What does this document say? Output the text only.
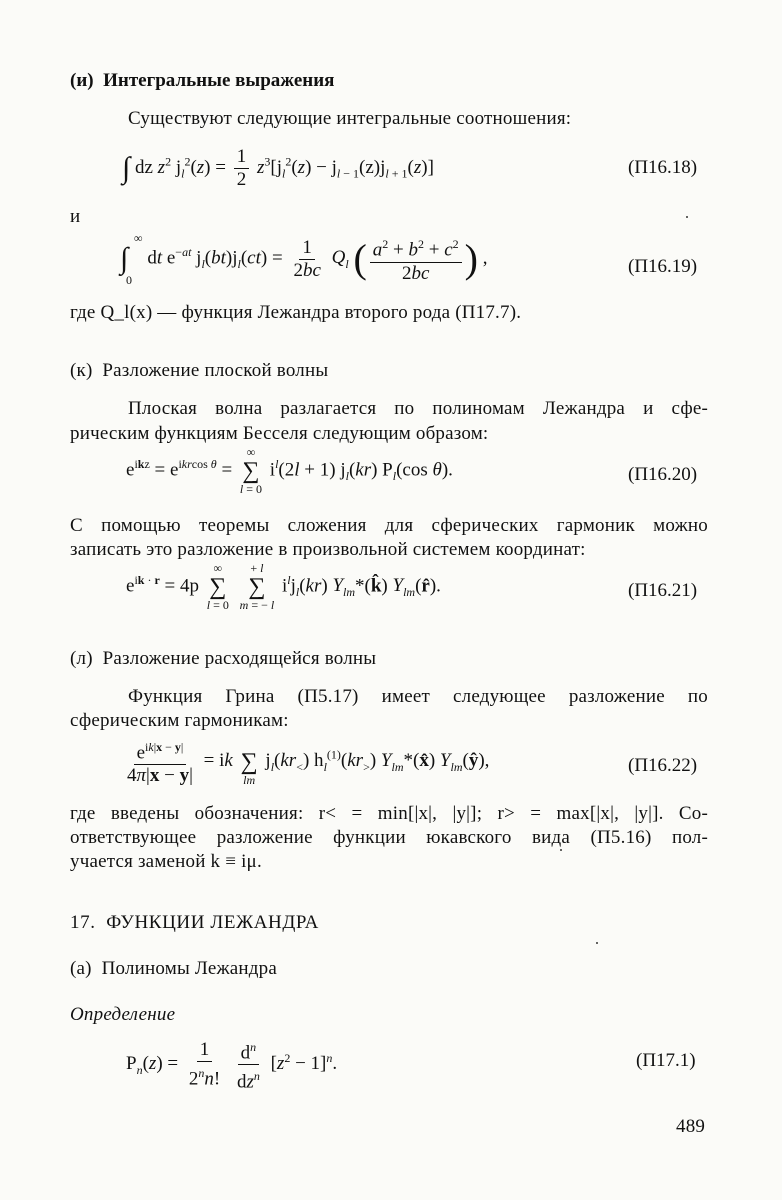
(и) Интегральные выражения
Существуют следующие интегральные соотношения:
∫ dz $z^2$ $j_l^2(z) = \frac{1}{2} z^3[j_l^2(z) - j_{l - 1}(z)j_{l + 1}(z)]$	(П16.18)
и
∞
∫
0
dt $e^{-at}$ $j_l(bt)j_l(ct) = \frac{1}{2bc} Q_l$ ( $\frac{a^2 + b^2 + c^2}{2bc}$ ) ,	(П16.19)
где Q_l(x) — функция Лежандра второго рода (П17.7).
(к) Разложение плоской волны
Плоская волна разлагается по полиномам Лежандра и сфе-
рическим функциям Бесселя следующим образом:
$e^{ikz} = e^{ikrcos \theta}$ =
∞
∑
l = 0
$i^l(2l + 1)$ $j_l(kr)$ $P_l(\cos$ θ).	(П16.20)
С помощью теоремы сложения для сферических гармоник можно
записать это разложение в произвольной системем координат:
$e^{ik \cdot r} = 4p$
∞
∑
l = 0

+ l
∑
m = − l
$i^lj_l(kr)$ $Y_{lm}*(k̂)$ $Y_{lm}(r̂)$.	(П16.21)
(л) Разложение расходящейся волны
Функция Грина (П5.17) имеет следующее разложение по
сферическим гармоникам:
$\frac{e^{ik|x - y|}}{4\pi|x - y|}$ = ik
∑
lm
$j_l(kr_<)$ $h_l^{(1)}(kr_>)$ $Y_{lm}*(x̂)$ $Y_{lm}(ŷ)$,	(П16.22)
где введены обозначения: r< = min[|x|, |y|]; r> = max[|x|, |y|]. Со-
ответствующее разложение функции юкавского вида (П5.16) пол-
учается заменой k ≡ iμ.
17. ФУНКЦИИ ЛЕЖАНДРА
(а) Полиномы Лежандра
Определение
$P_n(z) = \frac{1}{2^nn!}$
$\frac{d^n}{dz^n} [z^2 - 1]^n$.	(П17.1)
489
